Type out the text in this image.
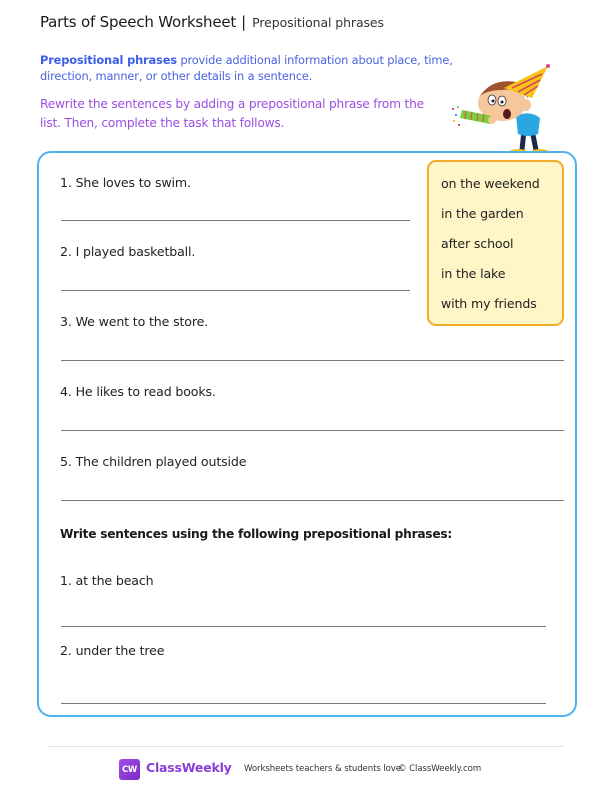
Parts of Speech Worksheet | Prepositional phrases
Prepositional phrases provide additional information about place, time, direction, manner, or other details in a sentence.
Rewrite the sentences by adding a prepositional phrase from the list. Then, complete the task that follows.
1. She loves to swim.
2. I played basketball.
3. We went to the store.
4. He likes to read books.
5. The children played outside
on the weekend
in the garden
after school
in the lake
with my friends
Write sentences using the following prepositional phrases:
1. at the beach
2. under the tree
CW ClassWeekly Worksheets teachers & students love.
© ClassWeekly.com
